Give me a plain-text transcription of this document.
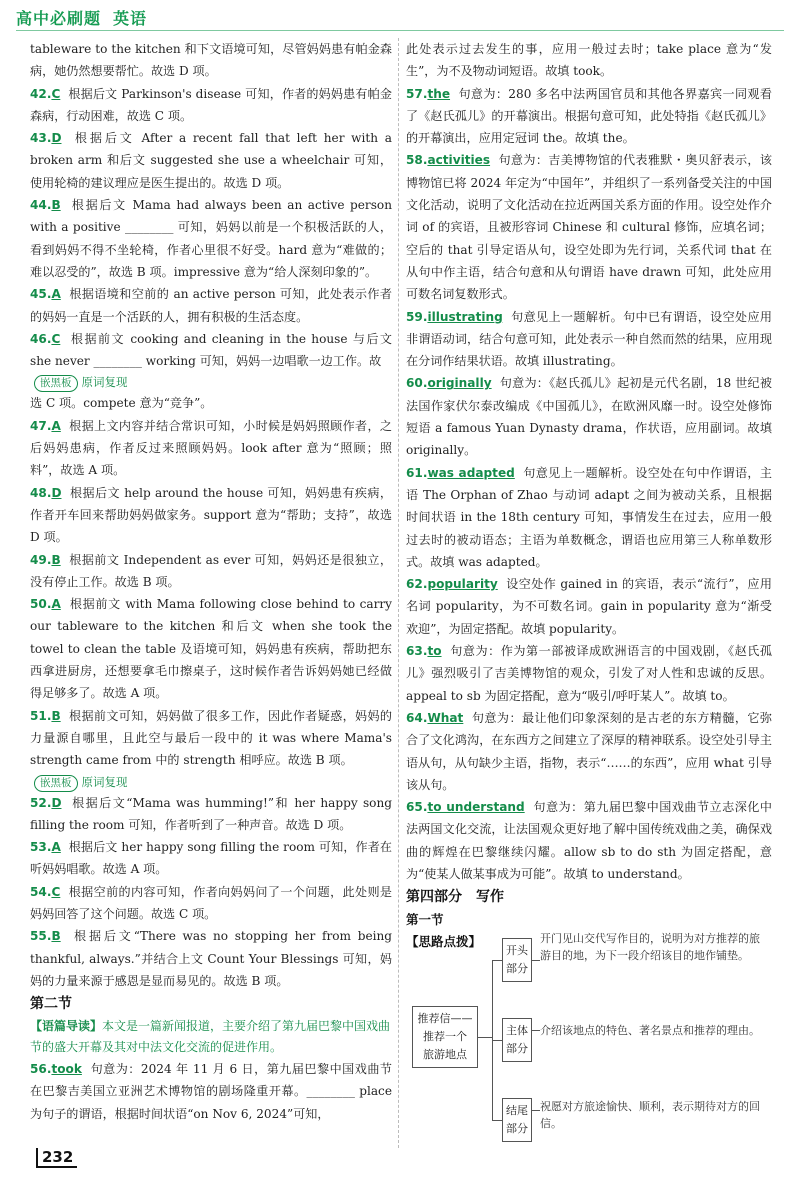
高中必刷题 英语
tableware to the kitchen 和下文语境可知，尽管妈妈患有帕金森病，她仍然想要帮忙。故选 D 项。
42.C 根据后文 Parkinson's disease 可知，作者的妈妈患有帕金森病，行动困难，故选 C 项。
43.D 根据后文 After a recent fall that left her with a broken arm 和后文 suggested she use a wheelchair 可知，使用轮椅的建议理应是医生提出的。故选 D 项。
44.B 根据后文 Mama had always been an active person with a positive ________ 可知，妈妈以前是一个积极活跃的人，看到妈妈不得不坐轮椅，作者心里很不好受。hard 意为“难做的；难以忍受的”，故选 B 项。impressive 意为“给人深刻印象的”。
45.A 根据语境和空前的 an active person 可知，此处表示作者的妈妈一直是一个活跃的人，拥有积极的生活态度。
46.C 根据前文 cooking and cleaning in the house 与后文 she never ________ working 可知，妈妈一边唱歌一边工作。故
嵌黑板 原词复现
选 C 项。compete 意为“竞争”。
47.A 根据上文内容并结合常识可知，小时候是妈妈照顾作者，之后妈妈患病，作者反过来照顾妈妈。look after 意为“照顾；照料”，故选 A 项。
48.D 根据后文 help around the house 可知，妈妈患有疾病，作者开车回来帮助妈妈做家务。support 意为“帮助；支持”，故选 D 项。
49.B 根据前文 Independent as ever 可知，妈妈还是很独立，没有停止工作。故选 B 项。
50.A 根据前文 with Mama following close behind to carry our tableware to the kitchen 和后文 when she took the towel to clean the table 及语境可知，妈妈患有疾病，帮助把东西拿进厨房，还想要拿毛巾擦桌子，这时候作者告诉妈妈她已经做得足够多了。故选 A 项。
51.B 根据前文可知，妈妈做了很多工作，因此作者疑惑，妈妈的力量源自哪里，且此空与最后一段中的 it was where Mama's strength came from 中的 strength 相呼应。故选 B 项。
嵌黑板 原词复现
52.D 根据后文“Mama was humming!”和 her happy song filling the room 可知，作者听到了一种声音。故选 D 项。
53.A 根据后文 her happy song filling the room 可知，作者在听妈妈唱歌。故选 A 项。
54.C 根据空前的内容可知，作者向妈妈问了一个问题，此处则是妈妈回答了这个问题。故选 C 项。
55.B 根据后文“There was no stopping her from being thankful, always.”并结合上文 Count Your Blessings 可知，妈妈的力量来源于感恩是显而易见的。故选 B 项。
第二节
【语篇导读】本文是一篇新闻报道，主要介绍了第九届巴黎中国戏曲节的盛大开幕及其对中法文化交流的促进作用。
56.took 句意为：2024 年 11 月 6 日，第九届巴黎中国戏曲节在巴黎吉美国立亚洲艺术博物馆的剧场隆重开幕。________ place 为句子的谓语，根据时间状语“on Nov 6, 2024”可知，
此处表示过去发生的事，应用一般过去时；take place 意为“发生”，为不及物动词短语。故填 took。
57.the 句意为：280 多名中法两国官员和其他各界嘉宾一同观看了《赵氏孤儿》的开幕演出。根据句意可知，此处特指《赵氏孤儿》的开幕演出，应用定冠词 the。故填 the。
58.activities 句意为：吉美博物馆的代表雅默・奥贝舒表示，该博物馆已将 2024 年定为“中国年”，并组织了一系列备受关注的中国文化活动，说明了文化活动在拉近两国关系方面的作用。设空处作介词 of 的宾语，且被形容词 Chinese 和 cultural 修饰，应填名词；空后的 that 引导定语从句，设空处即为先行词，关系代词 that 在从句中作主语，结合句意和从句谓语 have drawn 可知，此处应用可数名词复数形式。
59.illustrating 句意见上一题解析。句中已有谓语，设空处应用非谓语动词，结合句意可知，此处表示一种自然而然的结果，应用现在分词作结果状语。故填 illustrating。
60.originally 句意为：《赵氏孤儿》起初是元代名剧，18 世纪被法国作家伏尔泰改编成《中国孤儿》，在欧洲风靡一时。设空处修饰短语 a famous Yuan Dynasty drama，作状语，应用副词。故填 originally。
61.was adapted 句意见上一题解析。设空处在句中作谓语，主语 The Orphan of Zhao 与动词 adapt 之间为被动关系，且根据时间状语 in the 18th century 可知，事情发生在过去，应用一般过去时的被动语态；主语为单数概念，谓语也应用第三人称单数形式。故填 was adapted。
62.popularity 设空处作 gained in 的宾语，表示“流行”，应用名词 popularity，为不可数名词。gain in popularity 意为“渐受欢迎”，为固定搭配。故填 popularity。
63.to 句意为：作为第一部被译成欧洲语言的中国戏剧，《赵氏孤儿》强烈吸引了吉美博物馆的观众，引发了对人性和忠诚的反思。appeal to sb 为固定搭配，意为“吸引/呼吁某人”。故填 to。
64.What 句意为：最让他们印象深刻的是古老的东方精髓，它弥合了文化鸿沟，在东西方之间建立了深厚的精神联系。设空处引导主语从句，从句缺少主语，指物，表示“……的东西”，应用 what 引导该从句。
65.to understand 句意为：第九届巴黎中国戏曲节立志深化中法两国文化交流，让法国观众更好地了解中国传统戏曲之美，确保戏曲的辉煌在巴黎继续闪耀。allow sb to do sth 为固定搭配，意为“使某人做某事成为可能”。故填 to understand。
第四部分　写作
第一节
【思路点拨】
推荐信——
推荐一个
旅游地点
开头
部分
开门见山交代写作目的，说明为对方推荐的旅游目的地，为下一段介绍该目的地作铺垫。
主体
部分
介绍该地点的特色、著名景点和推荐的理由。
结尾
部分
祝愿对方旅途愉快、顺利，表示期待对方的回信。
232
